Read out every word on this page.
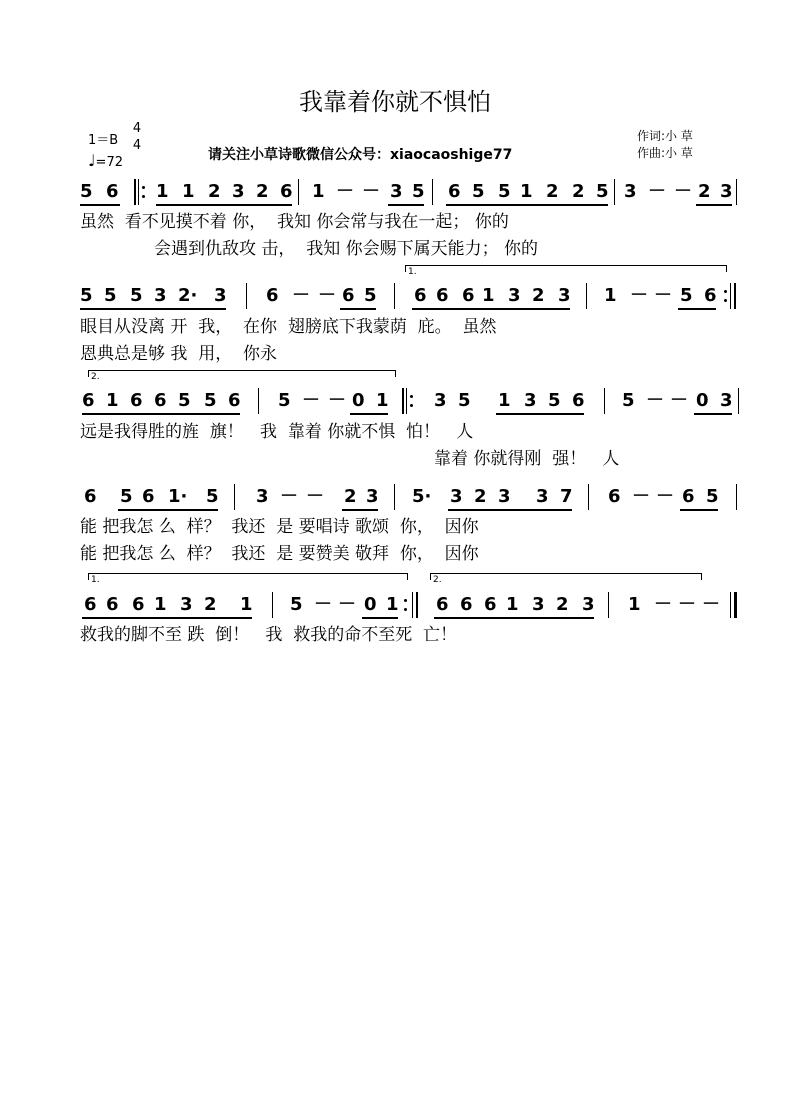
我靠着你就不惧怕
1＝B
4
4
♩=72	请关注小草诗歌微信公众号：xiaocaoshige77
作词:小 草
作曲:小 草
5 6 1 1 2 3 2 6 1 － － 3 5 6 5 5 1 2 2 5 3 － － 2 3
虽然  看不见摸不着 你，  我知 你会常与我在一起； 你的
会遇到仇敌攻 击，  我知 你会赐下属天能力； 你的
1.
5 5 5 3 2· 3 6 － － 6 5 6 6 6 1 3 2 3 1 － － 5 6
眼目从没离 开  我，  在你  翅膀底下我蒙荫  庇。  虽然
恩典总是够 我  用，  你永
2.
6 1 6 6 5 5 6 5 － － 0 1	3 5 1 3 5 6 5 － － 0 3
远是我得胜的旌  旗！   我  靠着 你就不惧  怕！   人
靠着 你就得刚  强！   人
6 5 6 1· 5 3 － － 2 3 5· 3 2 3 3 7 6 － － 6 5
能 把我怎 么  样？  我还  是 要唱诗 歌颂  你，  因你
能 把我怎 么  样？  我还  是 要赞美 敬拜  你，  因你
1.	2.
6 6 6 1 3 2 1 5 － － 0 1 6 6 6 1 3 2 3 1 － － －
救我的脚不至 跌  倒！   我  救我的命不至死  亡！
